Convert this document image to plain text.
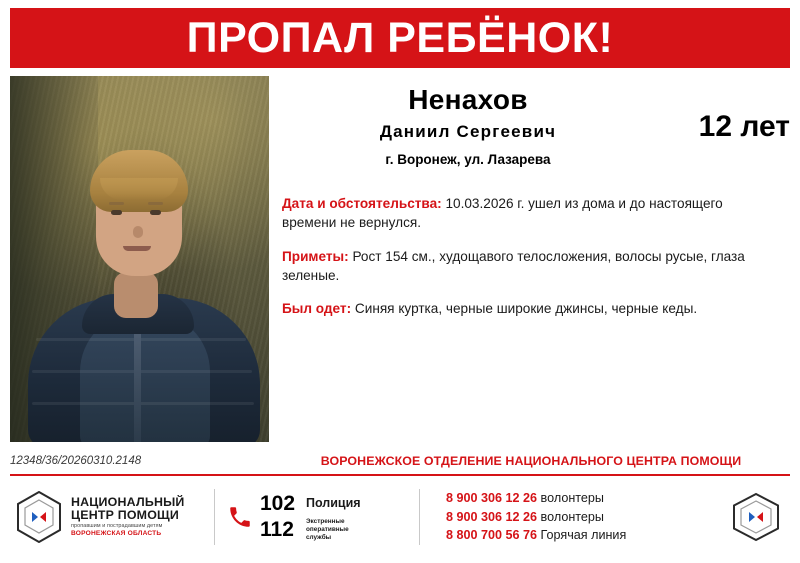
ПРОПАЛ РЕБЁНОК!
Ненахов
Даниил Сергеевич
г. Воронеж, ул. Лазарева
12 лет
Дата и обстоятельства: 10.03.2026 г. ушел из дома и до настоящего времени не вернулся.
Приметы: Рост 154 см., худощавого телосложения, волосы русые, глаза зеленые.
Был одет: Синяя куртка, черные широкие джинсы, черные кеды.
12348/36/20260310.2148	ВОРОНЕЖСКОЕ ОТДЕЛЕНИЕ НАЦИОНАЛЬНОГО ЦЕНТРА ПОМОЩИ
НАЦИОНАЛЬНЫЙ
ЦЕНТР ПОМОЩИ
пропавшим и пострадавшим детям
ВОРОНЕЖСКАЯ ОБЛАСТЬ
102 Полиция
112	Экстренные
оперативные
службы
8 900 306 12 26 волонтеры
8 900 306 12 26 волонтеры
8 800 700 56 76 Горячая линия
